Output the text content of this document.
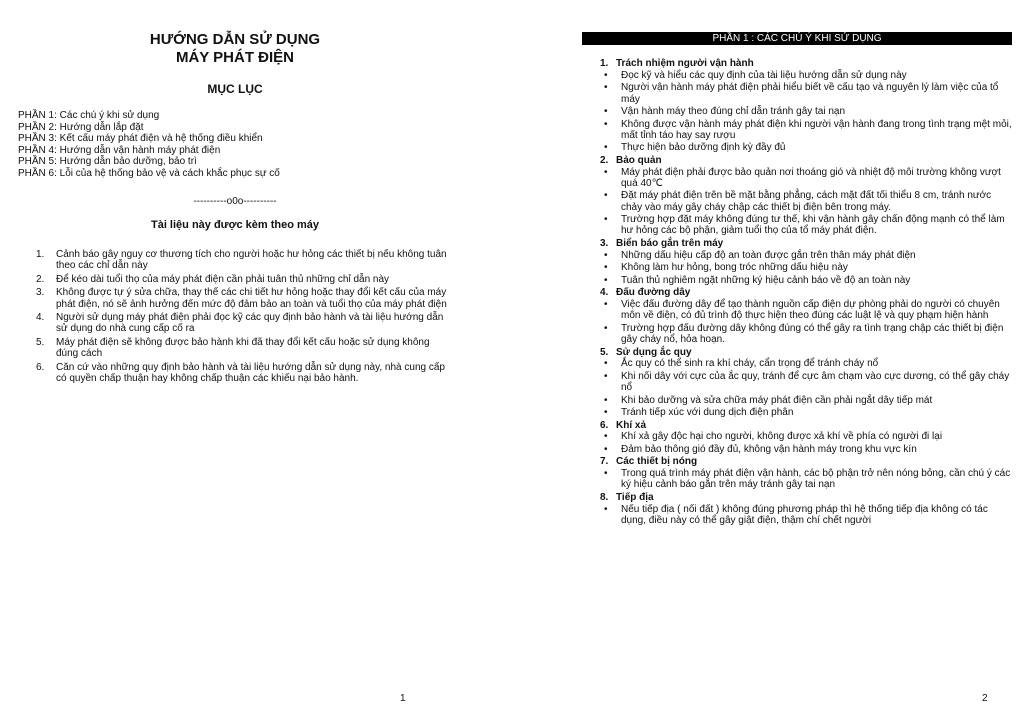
HƯỚNG DẪN SỬ DỤNG
MÁY PHÁT ĐIỆN
MỤC LỤC
PHẦN 1: Các chú ý khi sử dụng
PHẦN 2: Hướng dẫn lắp đặt
PHẦN 3: Kết cấu máy phát điện và hệ thống điều khiển
PHẦN 4: Hướng dẫn vận hành máy phát điện
PHẦN 5: Hướng dẫn bảo dưỡng, bảo trì
PHẦN 6: Lỗi của hệ thống bảo vệ và cách khắc phục sự cố
----------o0o----------
Tài liệu này được kèm theo máy
1. Cảnh báo gây nguy cơ thương tích cho người hoặc hư hỏng các thiết bị nếu không tuân theo các chỉ dẫn này
2. Để kéo dài tuổi thọ của máy phát điện cần phải tuân thủ những chỉ dẫn này
3. Không được tự ý sửa chữa, thay thế các chi tiết hư hỏng hoặc thay đổi kết cấu của máy phát điện, nó sẽ ảnh hưởng đến mức độ đảm bảo an toàn và tuổi thọ của máy phát điện
4. Người sử dụng máy phát điện phải đọc kỹ các quy định bảo hành và tài liệu hướng dẫn sử dụng do nhà cung cấp cố ra
5. Máy phát điện sẽ không được bảo hành khi đã thay đổi kết cấu hoặc sử dụng không đúng cách
6. Căn cứ vào những quy định bảo hành và tài liệu hướng dẫn sử dụng này, nhà cung cấp có quyền chấp thuận hay không chấp thuận các khiếu nại bảo hành.
1
PHẦN 1 : CÁC CHÚ Ý KHI SỬ DỤNG
1. Trách nhiệm người vận hành
• Đọc kỹ và hiểu các quy định của tài liệu hướng dẫn sử dụng này
• Người vận hành máy phát điện phải hiểu biết về cấu tạo và nguyên lý làm việc của tổ máy
• Vận hành máy theo đúng chỉ dẫn tránh gây tai nạn
• Không được vận hành máy phát điện khi người vận hành đang trong tình trạng mệt mỏi, mất tỉnh táo hay say rượu
• Thực hiện bảo dưỡng định kỳ đầy đủ
2. Bảo quản
• Máy phát điện phải được bảo quản nơi thoáng gió và nhiệt độ môi trường không vượt quá 40℃
• Đặt máy phát điện trên bề mặt bằng phẳng, cách mặt đất tối thiểu 8 cm, tránh nước chảy vào máy gây cháy chập các thiết bị điện bên trong máy.
• Trường hợp đặt máy không đúng tư thế, khi vận hành gây chấn động mạnh có thể làm hư hỏng các bộ phận, giảm tuổi thọ của tổ máy phát điện.
3. Biển báo gắn trên máy
• Những dấu hiệu cấp độ an toàn được gắn trên thân máy phát điện
• Không làm hư hỏng, bong tróc những dấu hiệu này
• Tuân thủ nghiêm ngặt những ký hiệu cảnh báo về độ an toàn này
4. Đấu đường dây
• Việc đấu đường dây để tạo thành nguồn cấp điện dự phòng phải do người có chuyên môn về điện, có đủ trình độ thực hiện theo đúng các luật lệ và quy phạm hiện hành
• Trường hợp đấu đường dây không đúng có thể gây ra tình trạng chập các thiết bị điện gây cháy nổ, hỏa hoạn.
5. Sử dụng ắc quy
• Ắc quy có thể sinh ra khí cháy, cẩn trọng để tránh cháy nổ
• Khi nối dây với cực của ắc quy, tránh để cực âm chạm vào cực dương, có thể gây cháy nổ
• Khi bảo dưỡng và sửa chữa máy phát điện cần phải ngắt dây tiếp mát
• Tránh tiếp xúc với dung dịch điện phân
6. Khí xả
• Khí xả gây độc hại cho người, không được xả khí về phía có người đi lại
• Đảm bảo thông gió đầy đủ, không vận hành máy trong khu vực kín
7. Các thiết bị nóng
• Trong quá trình máy phát điện vận hành, các bộ phận trở nên nóng bỏng, cần chú ý các ký hiệu cảnh báo gắn trên máy tránh gây tai nạn
8. Tiếp địa
• Nếu tiếp địa ( nối đất ) không đúng phương pháp thì hệ thống tiếp địa không có tác dụng, điều này có thể gây giật điện, thậm chí chết người
2
